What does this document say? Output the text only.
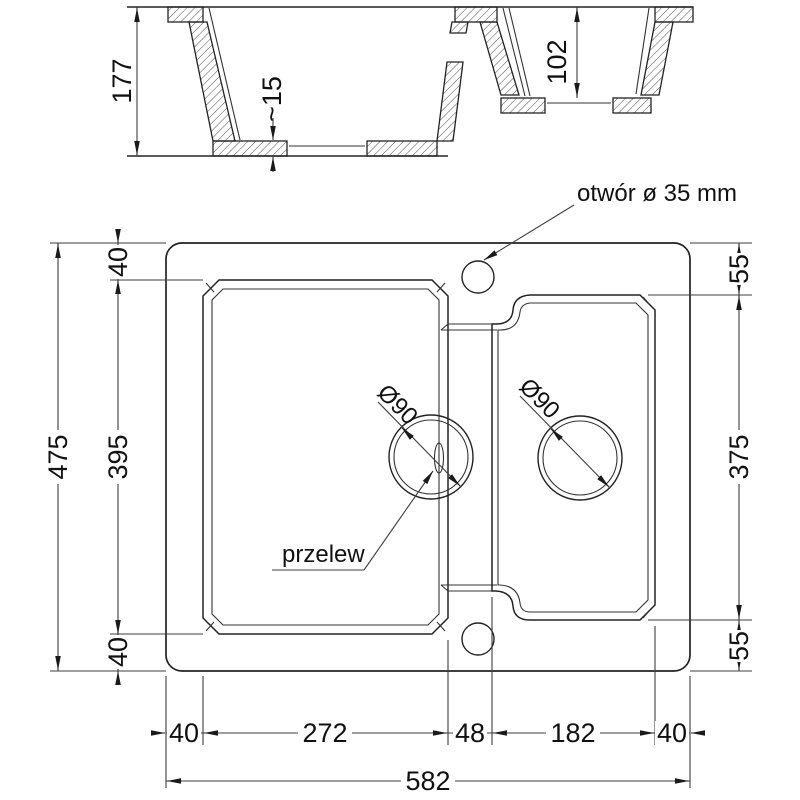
177	102
~15
otwór ø 35 mm
przelew
Ø90	Ø90
475
40
395
40
55
375
55
40	272	48 182 40
582
